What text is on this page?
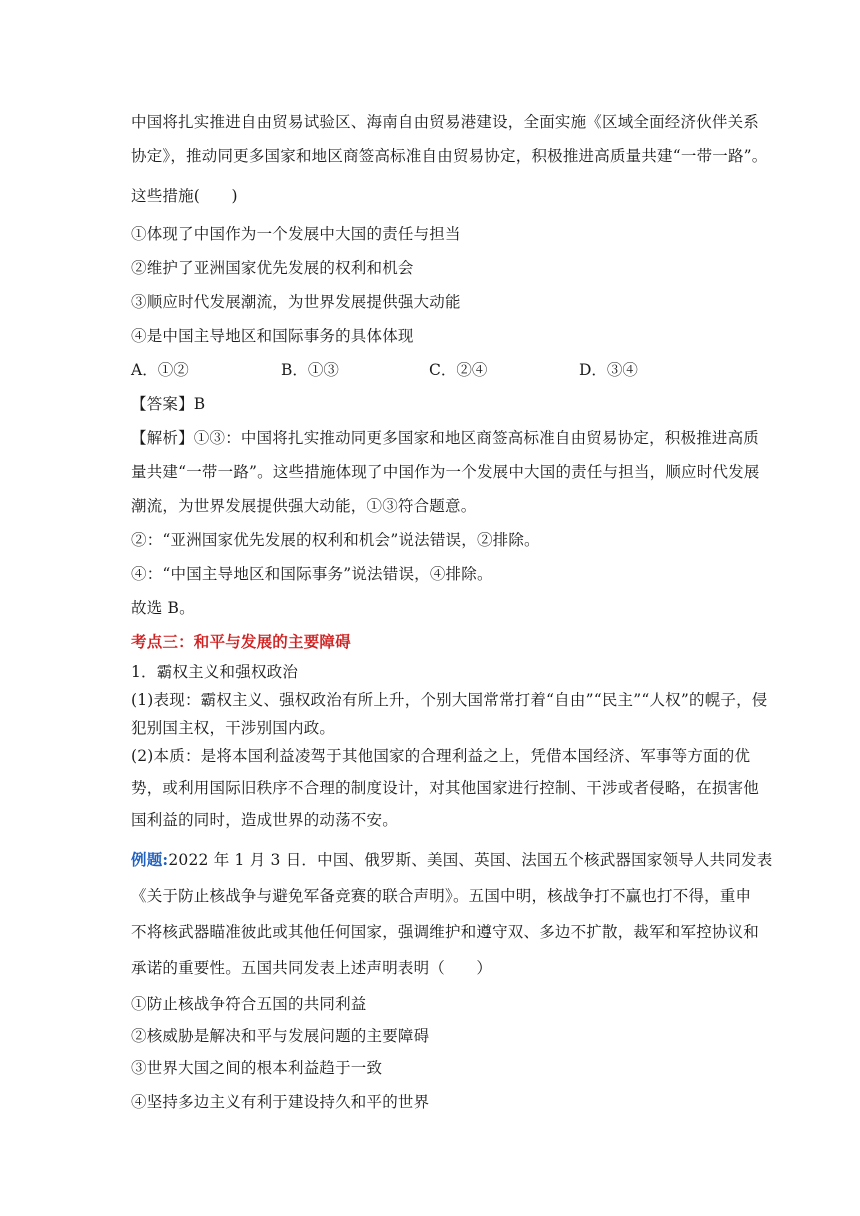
中国将扎实推进自由贸易试验区、海南自由贸易港建设，全面实施《区域全面经济伙伴关系
协定》，推动同更多国家和地区商签高标准自由贸易协定，积极推进高质量共建“一带一路”。
这些措施(　　)
①体现了中国作为一个发展中大国的责任与担当
②维护了亚洲国家优先发展的权利和机会
③顺应时代发展潮流，为世界发展提供强大动能
④是中国主导地区和国际事务的具体体现
A．①②	B．①③	C．②④	D．③④
【答案】B
【解析】①③：中国将扎实推动同更多国家和地区商签高标准自由贸易协定，积极推进高质
量共建“一带一路”。这些措施体现了中国作为一个发展中大国的责任与担当，顺应时代发展
潮流，为世界发展提供强大动能，①③符合题意。
②：“亚洲国家优先发展的权利和机会”说法错误，②排除。
④：“中国主导地区和国际事务”说法错误，④排除。
故选 B。
考点三：和平与发展的主要障碍
1．霸权主义和强权政治
(1)表现：霸权主义、强权政治有所上升，个别大国常常打着“自由”“民主”“人权”的幌子，侵
犯别国主权，干涉别国内政。
(2)本质：是将本国利益凌驾于其他国家的合理利益之上，凭借本国经济、军事等方面的优
势，或利用国际旧秩序不合理的制度设计，对其他国家进行控制、干涉或者侵略，在损害他
国利益的同时，造成世界的动荡不安。
例题:2022 年 1 月 3 日．中国、俄罗斯、美国、英国、法国五个核武器国家领导人共同发表
《关于防止核战争与避免军备竞赛的联合声明》。五国中明，核战争打不赢也打不得，重申
不将核武器瞄准彼此或其他任何国家，强调维护和遵守双、多边不扩散，裁军和军控协议和
承诺的重要性。五国共同发表上述声明表明（　　）
①防止核战争符合五国的共同利益
②核威胁是解决和平与发展问题的主要障碍
③世界大国之间的根本利益趋于一致
④坚持多边主义有利于建设持久和平的世界
